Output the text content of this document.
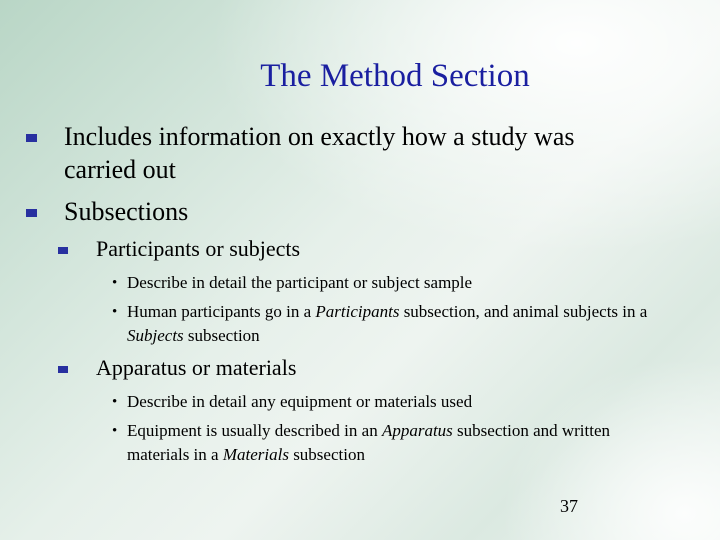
The Method Section
Includes information on exactly how a study was carried out
Subsections
Participants or subjects
• Describe in detail the participant or subject sample
• Human participants go in a Participants subsection, and animal subjects in a Subjects subsection
Apparatus or materials
• Describe in detail any equipment or materials used
• Equipment is usually described in an Apparatus subsection and written materials in a Materials subsection
37
